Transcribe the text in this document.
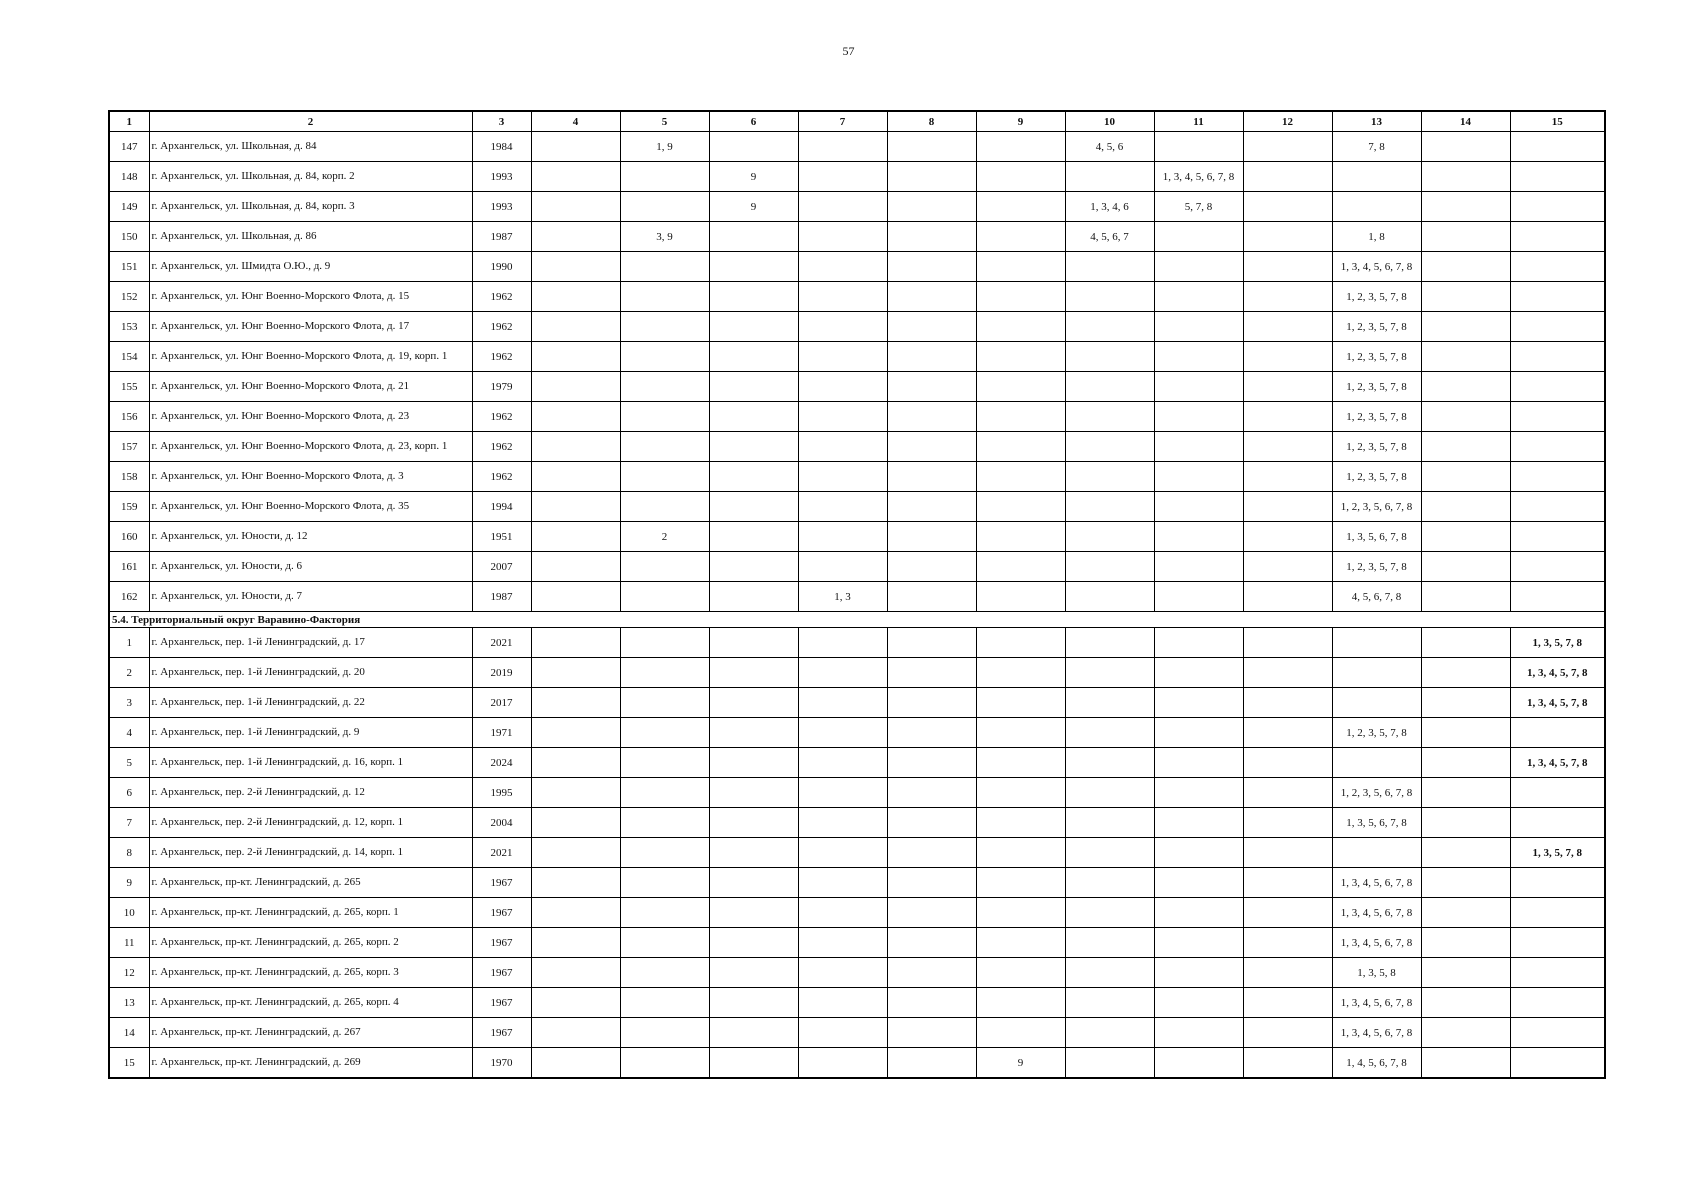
57
1	2	3	4	5	6	7	8	9	10	11	12	13	14	15
147	г. Архангельск, ул. Школьная, д. 84	1984		1, 9					4, 5, 6			7, 8		
148	г. Архангельск, ул. Школьная, д. 84, корп. 2	1993			9					1, 3, 4, 5, 6, 7, 8				
149	г. Архангельск, ул. Школьная, д. 84, корп. 3	1993			9				1, 3, 4, 6	5, 7, 8				
150	г. Архангельск, ул. Школьная, д. 86	1987		3, 9					4, 5, 6, 7			1, 8		
151	г. Архангельск, ул. Шмидта О.Ю., д. 9	1990										1, 3, 4, 5, 6, 7, 8		
152	г. Архангельск, ул. Юнг Военно-Морского Флота, д. 15	1962										1, 2, 3, 5, 7, 8		
153	г. Архангельск, ул. Юнг Военно-Морского Флота, д. 17	1962										1, 2, 3, 5, 7, 8		
154	г. Архангельск, ул. Юнг Военно-Морского Флота, д. 19, корп. 1	1962										1, 2, 3, 5, 7, 8		
155	г. Архангельск, ул. Юнг Военно-Морского Флота, д. 21	1979										1, 2, 3, 5, 7, 8		
156	г. Архангельск, ул. Юнг Военно-Морского Флота, д. 23	1962										1, 2, 3, 5, 7, 8		
157	г. Архангельск, ул. Юнг Военно-Морского Флота, д. 23, корп. 1	1962										1, 2, 3, 5, 7, 8		
158	г. Архангельск, ул. Юнг Военно-Морского Флота, д. 3	1962										1, 2, 3, 5, 7, 8		
159	г. Архангельск, ул. Юнг Военно-Морского Флота, д. 35	1994										1, 2, 3, 5, 6, 7, 8		
160	г. Архангельск, ул. Юности, д. 12	1951		2								1, 3, 5, 6, 7, 8		
161	г. Архангельск, ул. Юности, д. 6	2007										1, 2, 3, 5, 7, 8		
162	г. Архангельск, ул. Юности, д. 7	1987				1, 3						4, 5, 6, 7, 8		
5.4. Территориальный округ Варавино-Фактория														
1	г. Архангельск, пер. 1-й Ленинградский, д. 17	2021												1, 3, 5, 7, 8
2	г. Архангельск, пер. 1-й Ленинградский, д. 20	2019												1, 3, 4, 5, 7, 8
3	г. Архангельск, пер. 1-й Ленинградский, д. 22	2017												1, 3, 4, 5, 7, 8
4	г. Архангельск, пер. 1-й Ленинградский, д. 9	1971										1, 2, 3, 5, 7, 8		
5	г. Архангельск, пер. 1-й Ленинградский, д. 16, корп. 1	2024												1, 3, 4, 5, 7, 8
6	г. Архангельск, пер. 2-й Ленинградский, д. 12	1995										1, 2, 3, 5, 6, 7, 8		
7	г. Архангельск, пер. 2-й Ленинградский, д. 12, корп. 1	2004										1, 3, 5, 6, 7, 8		
8	г. Архангельск, пер. 2-й Ленинградский, д. 14, корп. 1	2021												1, 3, 5, 7, 8
9	г. Архангельск, пр-кт. Ленинградский, д. 265	1967										1, 3, 4, 5, 6, 7, 8		
10	г. Архангельск, пр-кт. Ленинградский, д. 265, корп. 1	1967										1, 3, 4, 5, 6, 7, 8		
11	г. Архангельск, пр-кт. Ленинградский, д. 265, корп. 2	1967										1, 3, 4, 5, 6, 7, 8		
12	г. Архангельск, пр-кт. Ленинградский, д. 265, корп. 3	1967										1, 3, 5, 8		
13	г. Архангельск, пр-кт. Ленинградский, д. 265, корп. 4	1967										1, 3, 4, 5, 6, 7, 8		
14	г. Архангельск, пр-кт. Ленинградский, д. 267	1967										1, 3, 4, 5, 6, 7, 8		
15	г. Архангельск, пр-кт. Ленинградский, д. 269	1970						9				1, 4, 5, 6, 7, 8		
